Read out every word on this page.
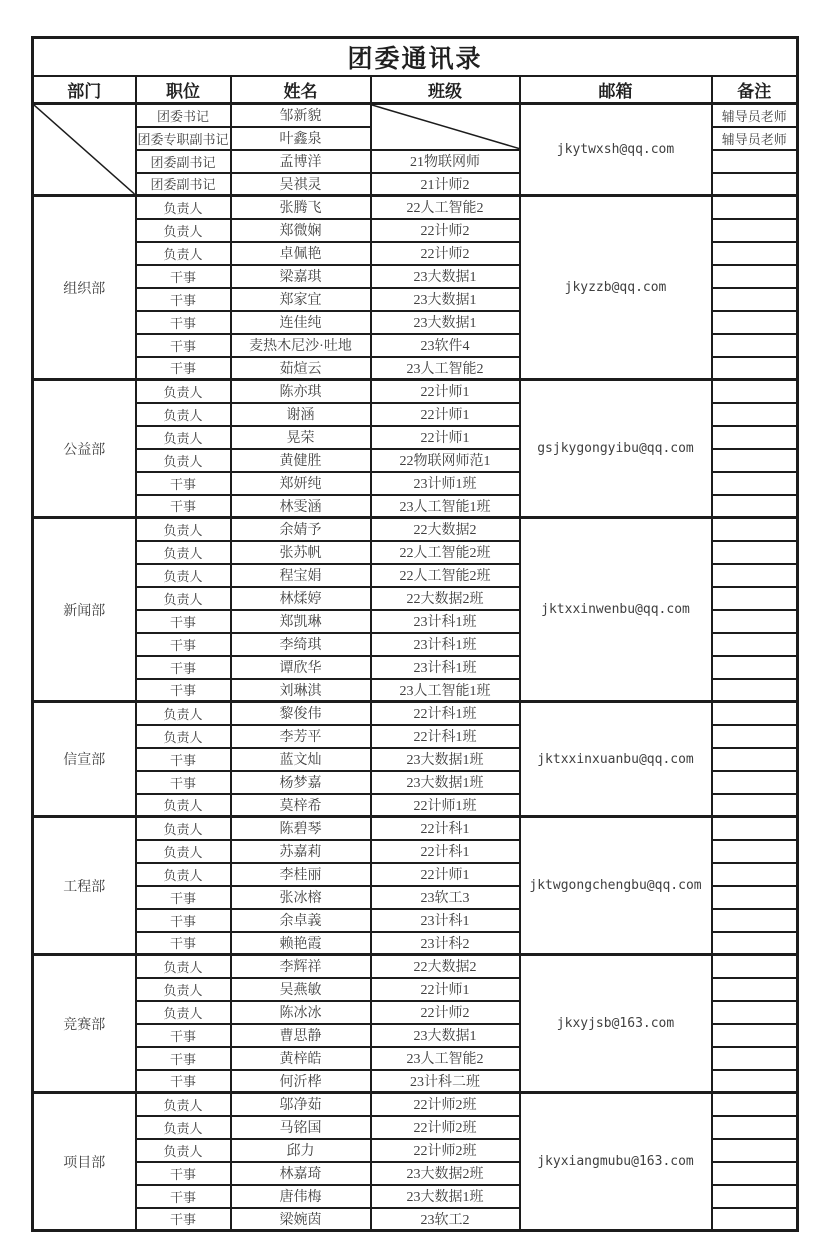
团委通讯录					
部门	职位	姓名	班级	邮箱	备注

	团委书记	邹新貌		jkytwxsh@qq.com	辅导员老师
	团委专职副书记	叶鑫泉			辅导员老师
	团委副书记	孟博洋	21物联网师		
	团委副书记	吴祺灵	21计师2		
组织部	负责人	张腾飞	22人工智能2	jkyzzb@qq.com	
	负责人	郑微娴	22计师2		
	负责人	卓佩艳	22计师2		
	干事	梁嘉琪	23大数据1		
	干事	郑家宜	23大数据1		
	干事	连佳纯	23大数据1		
	干事	麦热木尼沙·吐地	23软件4		
	干事	茹煊云	23人工智能2		
公益部	负责人	陈亦琪	22计师1	gsjkygongyibu@qq.com	
	负责人	谢涵	22计师1		
	负责人	晃荣	22计师1		
	负责人	黄健胜	22物联网师范1		
	干事	郑妍纯	23计师1班		
	干事	林雯涵	23人工智能1班		
新闻部	负责人	余婧予	22大数据2	jktxxinwenbu@qq.com	
	负责人	张苏帆	22人工智能2班		
	负责人	程宝娟	22人工智能2班		
	负责人	林煣婷	22大数据2班		
	干事	郑凯琳	23计科1班		
	干事	李绮琪	23计科1班		
	干事	谭欣华	23计科1班		
	干事	刘琳淇	23人工智能1班		
信宣部	负责人	黎俊伟	22计科1班	jktxxinxuanbu@qq.com	
	负责人	李芳平	22计科1班		
	干事	蓝文灿	23大数据1班		
	干事	杨梦嘉	23大数据1班		
	负责人	莫梓希	22计师1班		
工程部	负责人	陈碧琴	22计科1	jktwgongchengbu@qq.com	
	负责人	苏嘉莉	22计科1		
	负责人	李桂丽	22计师1		
	干事	张冰榕	23软工3		
	干事	余卓義	23计科1		
	干事	赖艳霞	23计科2		
竞赛部	负责人	李辉祥	22大数据2	jkxyjsb@163.com	
	负责人	吴燕敏	22计师1		
	负责人	陈冰冰	22计师2		
	干事	曹思静	23大数据1		
	干事	黄梓皓	23人工智能2		
	干事	何沂桦	23计科二班		
项目部	负责人	邬净茹	22计师2班	jkyxiangmubu@163.com	
	负责人	马铭国	22计师2班		
	负责人	邱力	22计师2班		
	干事	林嘉琦	23大数据2班		
	干事	唐伟梅	23大数据1班		
	干事	梁婉茵	23软工2		
